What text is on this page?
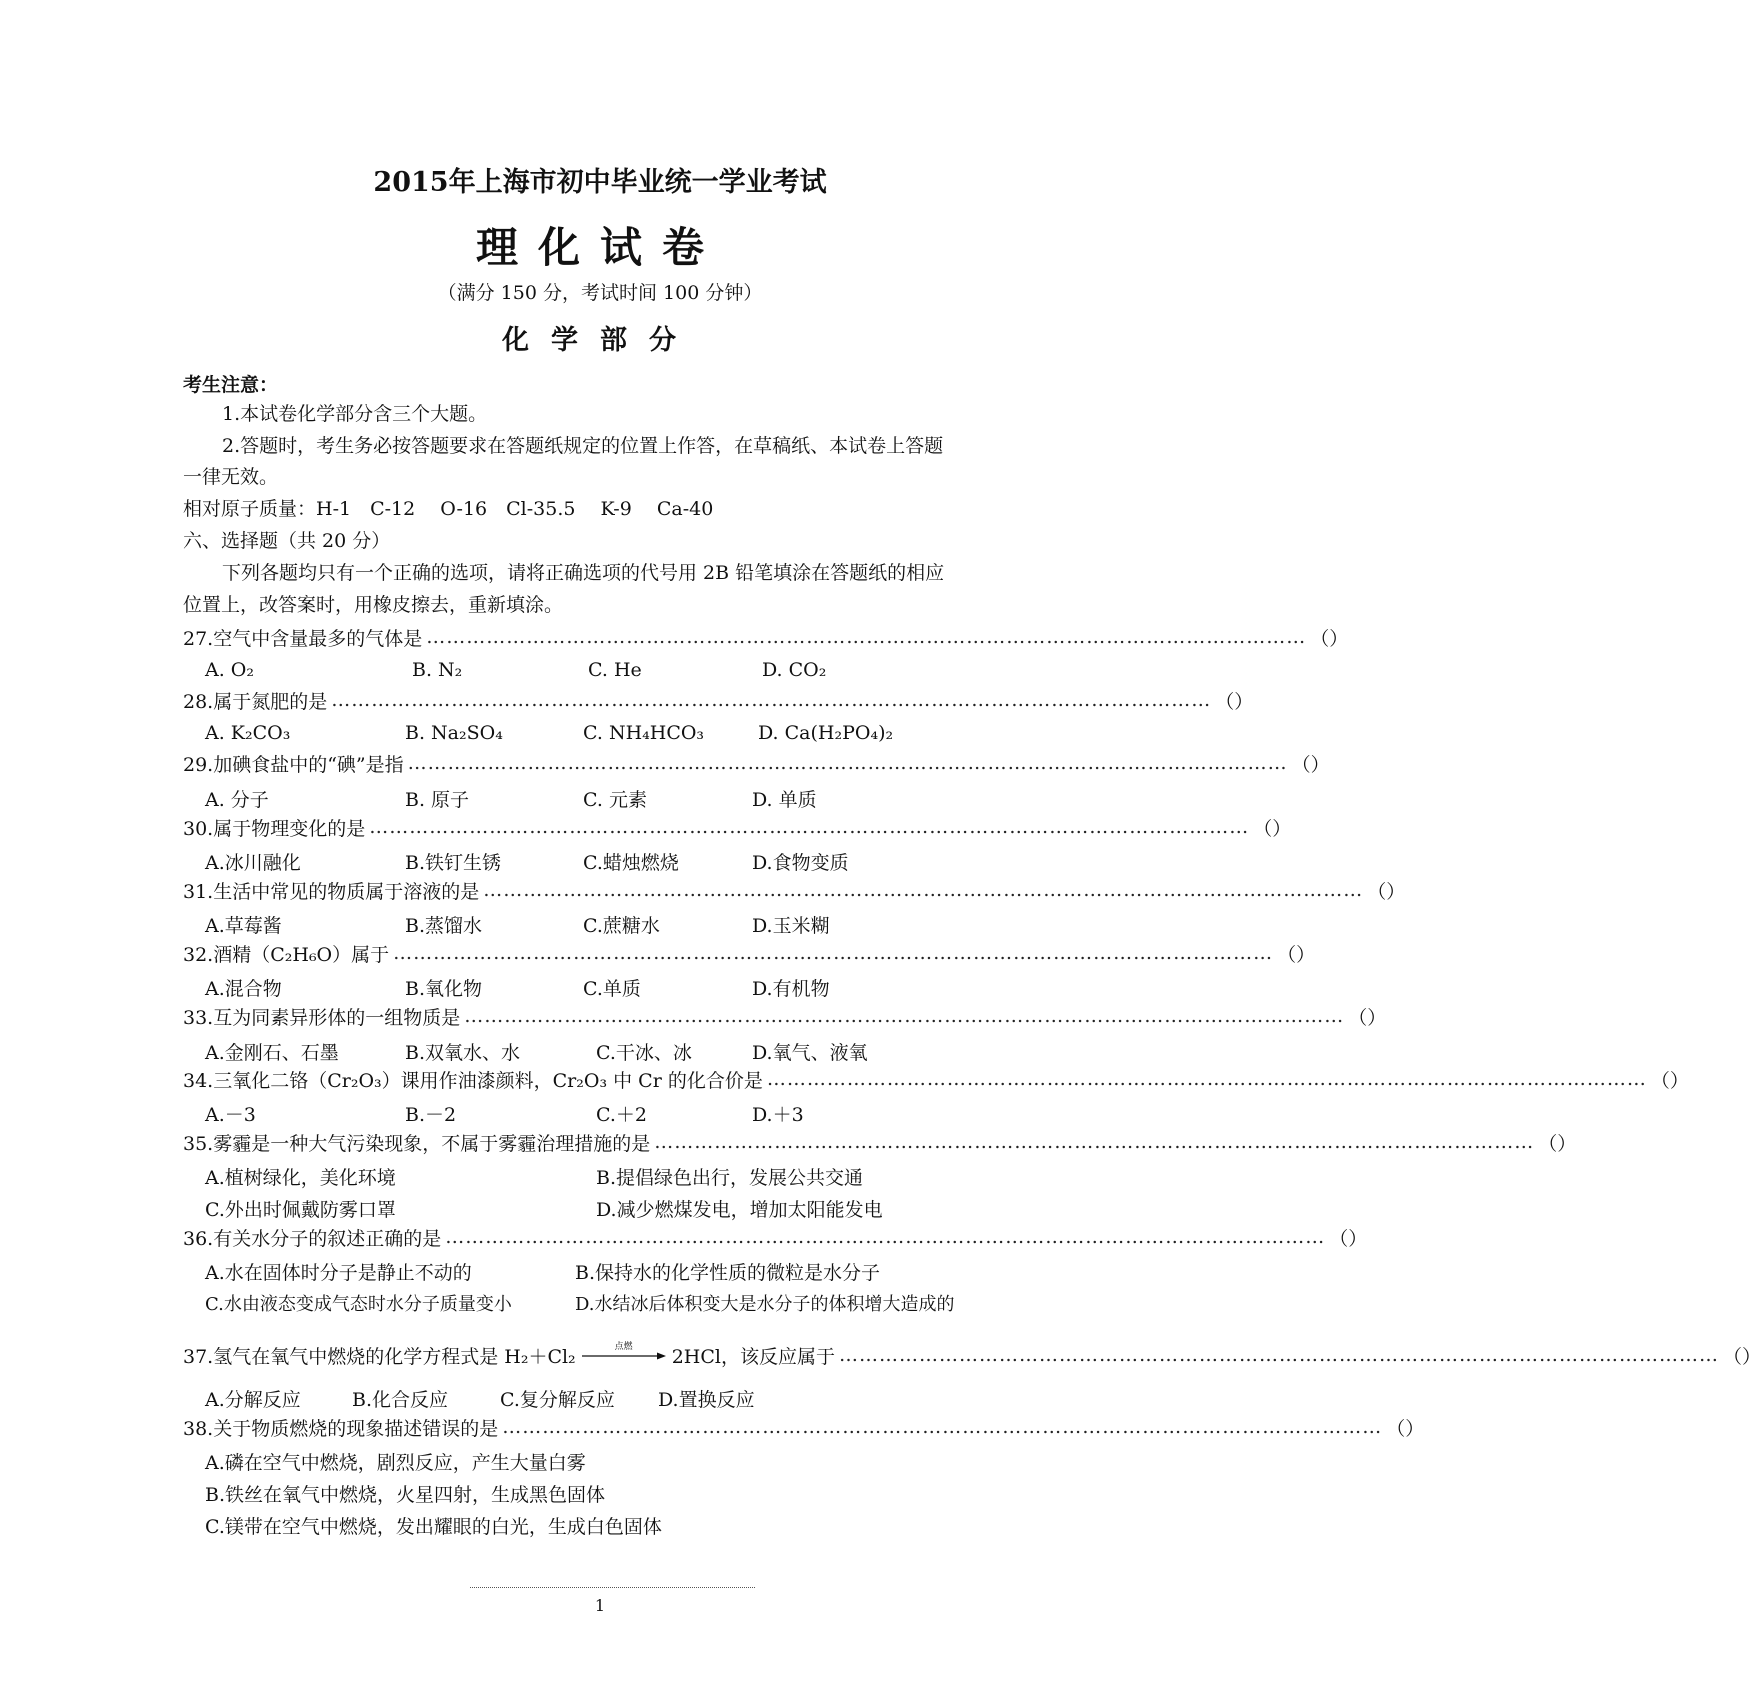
2015年上海市初中毕业统一学业考试
理化试卷
（满分 150 分，考试时间 100 分钟）
化学部分
考生注意：
1.本试卷化学部分含三个大题。
2.答题时，考生务必按答题要求在答题纸规定的位置上作答，在草稿纸、本试卷上答题
一律无效。
相对原子质量：H-1　C-12　 O-16　Cl-35.5　 K-9　 Ca-40
六、选择题（共 20 分）
下列各题均只有一个正确的选项，请将正确选项的代号用 2B 铅笔填涂在答题纸的相应
位置上，改答案时，用橡皮擦去，重新填涂。
27.空气中含量最多的气体是 …………………………………………………………………………………………………………………… （ ）
A. O₂	B. N₂	C. He	D. CO₂
28.属于氮肥的是 …………………………………………………………………………………………………………………… （ ）
A. K₂CO₃	B. Na₂SO₄	C. NH₄HCO₃	D. Ca(H₂PO₄)₂
29.加碘食盐中的“碘”是指 …………………………………………………………………………………………………………………… （ ）
A. 分子	B. 原子	C. 元素	D. 单质
30.属于物理变化的是 …………………………………………………………………………………………………………………… （ ）
A.冰川融化	B.铁钉生锈	C.蜡烛燃烧	D.食物变质
31.生活中常见的物质属于溶液的是 …………………………………………………………………………………………………………………… （ ）
A.草莓酱	B.蒸馏水	C.蔗糖水	D.玉米糊
32.酒精（C₂H₆O）属于 …………………………………………………………………………………………………………………… （ ）
A.混合物	B.氧化物	C.单质	D.有机物
33.互为同素异形体的一组物质是 …………………………………………………………………………………………………………………… （ ）
A.金刚石、石墨	B.双氧水、水	C.干冰、冰	D.氧气、液氧
34.三氧化二铬（Cr₂O₃）课用作油漆颜料，Cr₂O₃ 中 Cr 的化合价是 …………………………………………………………………………………………………………………… （ ）
A.－3	B.－2	C.＋2	D.＋3
35.雾霾是一种大气污染现象，不属于雾霾治理措施的是 …………………………………………………………………………………………………………………… （ ）
A.植树绿化，美化环境	B.提倡绿色出行，发展公共交通
C.外出时佩戴防雾口罩	D.减少燃煤发电，增加太阳能发电
36.有关水分子的叙述正确的是 …………………………………………………………………………………………………………………… （ ）
A.水在固体时分子是静止不动的	B.保持水的化学性质的微粒是水分子
C.水由液态变成气态时水分子质量变小	D.水结冰后体积变大是水分子的体积增大造成的
37.氢气在氧气中燃烧的化学方程式是 H₂＋Cl₂	点燃 2HCl，该反应属于 …………………………………………………………………………………………………………………… （ ）
A.分解反应	B.化合反应	C.复分解反应 D.置换反应
38.关于物质燃烧的现象描述错误的是 …………………………………………………………………………………………………………………… （ ）
A.磷在空气中燃烧，剧烈反应，产生大量白雾
B.铁丝在氧气中燃烧，火星四射，生成黑色固体
C.镁带在空气中燃烧，发出耀眼的白光，生成白色固体
1
